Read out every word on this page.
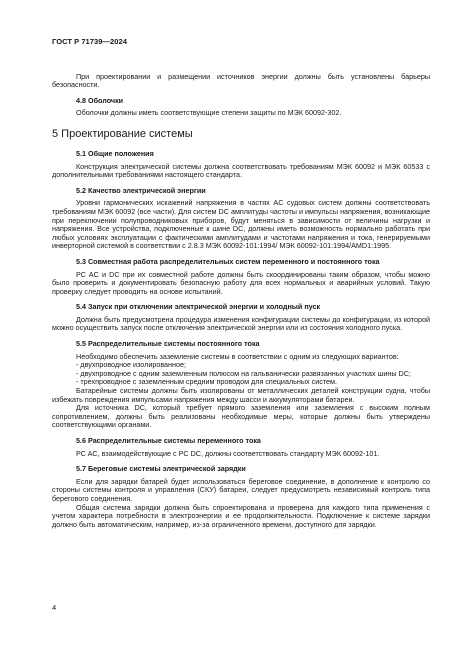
ГОСТ Р 71739—2024

При проектировании и размещении источников энергии должны быть установлены барьеры безопасности.

4.8 Оболочки

Оболочки должны иметь соответствующие степени защиты по МЭК 60092-302.

5 Проектирование системы
5.1 Общие положения

Конструкция электрической системы должна соответствовать требованиям МЭК 60092 и МЭК 60533 с дополнительными требованиями настоящего стандарта.

5.2 Качество электрической энергии

Уровни гармонических искажений напряжения в частях AC судовых систем должны соответствовать требованиям МЭК 60092 (все части). Для систем DC амплитуды частоты и импульсы напряжения, возникающие при переключении полупроводниковых приборов, будут меняться в зависимости от величины нагрузки и напряжения. Все устройства, подключенные к шине DC, должны иметь возможность нормально работать при любых условиях эксплуатации с фактическими амплитудами и частотами напряжения и тока, генерируемыми инверторной системой в соответствии с 2.8.3 МЭК 60092-101:1994/ МЭК 60092-101:1994/AMD1:1995.

5.3 Совместная работа распределительных систем переменного и постоянного тока

PC AC и DC при их совместной работе должны быть скоординированы таким образом, чтобы можно было проверить и документировать безопасную работу для всех нормальных и аварийных условий. Такую проверку следует проводить на основе испытаний.

5.4 Запуск при отключении электрической энергии и холодный пуск

Должна быть предусмотрена процедура изменения конфигурации системы до конфигурации, из которой можно осуществить запуск после отключения электрической энергии или из состояния холодного пуска.

5.5 Распределительные системы постоянного тока

Необходимо обеспечить заземление системы в соответствии с одним из следующих вариантов:

- двухпроводное изолированное;
- двухпроводное с одним заземленным полюсом на гальванически развязанных участках шины DC;
- трехпроводное с заземленным средним проводом для специальных систем.

Батарейные системы должны быть изолированы от металлических деталей конструкции судна, чтобы избежать повреждения импульсами напряжения между шасси и аккумуляторами батареи.

Для источника DC, который требует прямого заземления или заземления с высоким полным сопротивлением, должны быть реализованы необходимые меры, которые должны быть утверждены соответствующими органами.

5.6 Распределительные системы переменного тока

PC AC, взаимодействующие с PC DC, должны соответствовать стандарту МЭК 60092-101.

5.7 Береговые системы электрической зарядки

Если для зарядки батарей будет использоваться береговое соединение, в дополнение к контролю со стороны системы контроля и управления (СКУ) батареи, следует предусмотреть независимый контроль типа берегового соединения.

Общая система зарядки должна быть спроектирована и проверена для каждого типа применения с учетом характера потребности в электроэнергии и ее продолжительности. Подключение к системе зарядки должно быть автоматическим, например, из-за ограниченного времени, доступного для зарядки.

4
